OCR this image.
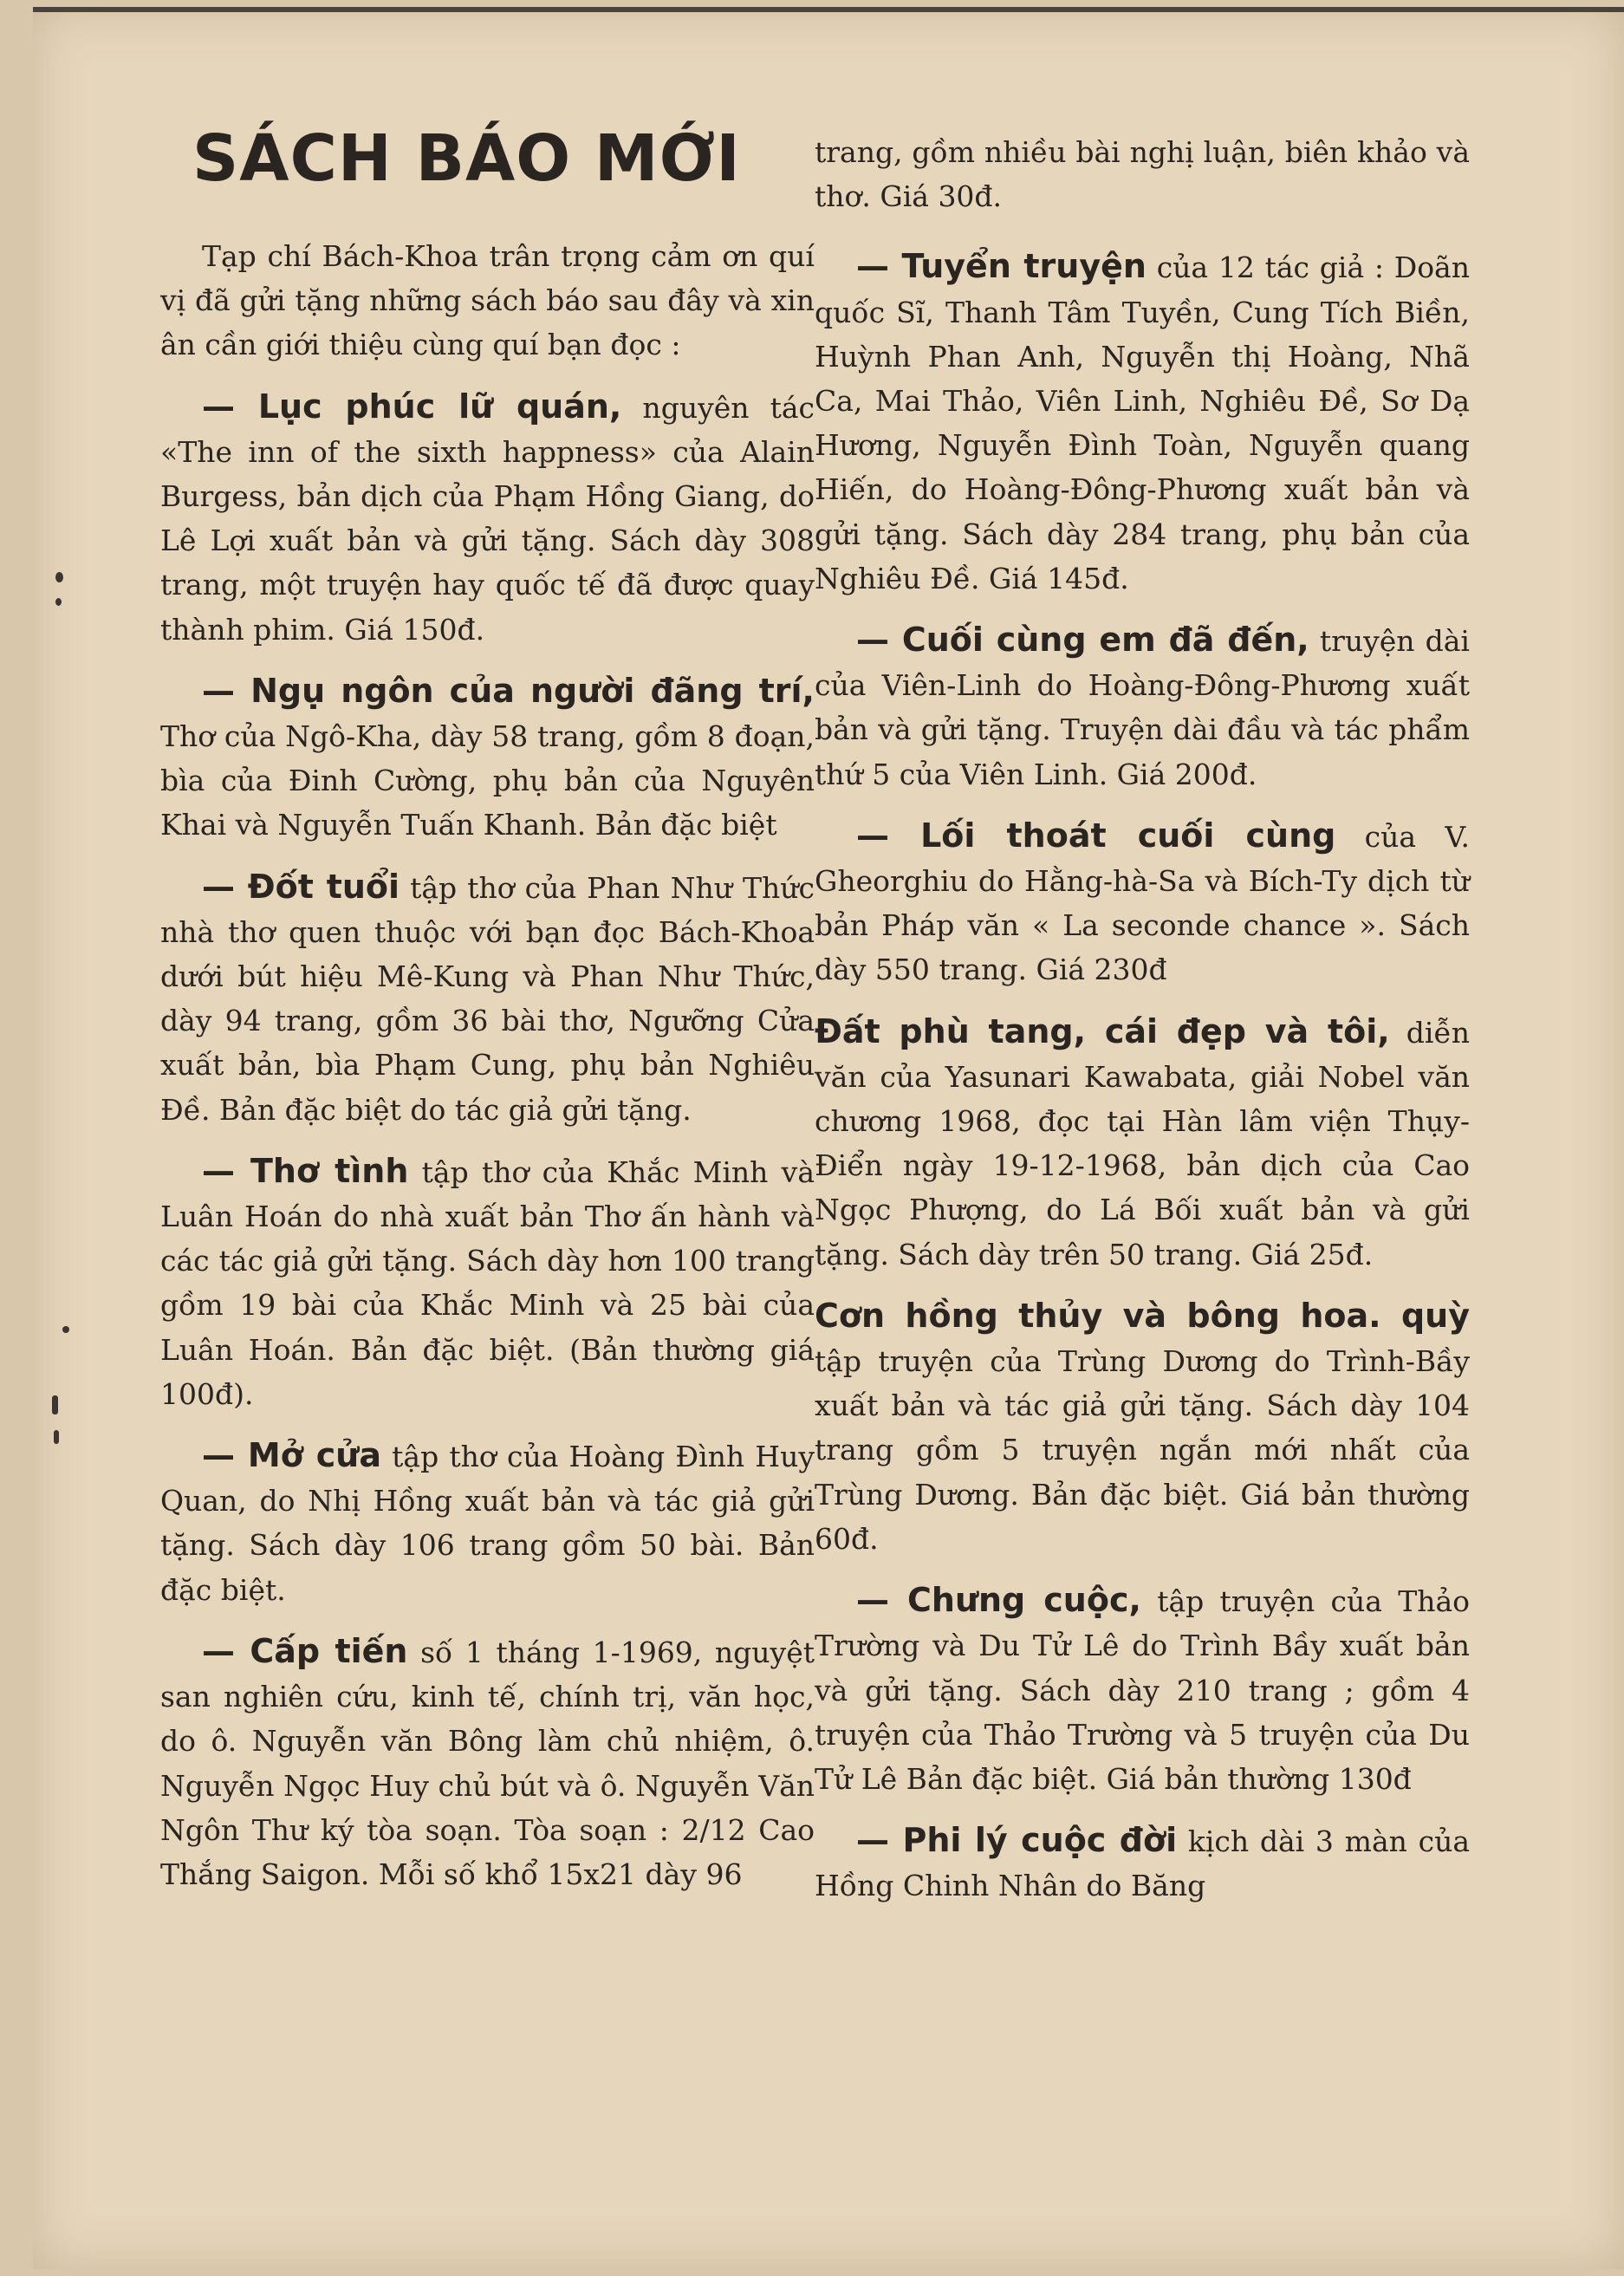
SÁCH BÁO MỚI

Tạp chí Bách-Khoa trân trọng cảm ơn quí vị đã gửi tặng những sách báo sau đây và xin ân cần giới thiệu cùng quí bạn đọc :

— Lục phúc lữ quán, nguyên tác «The inn of the sixth happness» của Alain Burgess, bản dịch của Phạm Hồng Giang, do Lê Lợi xuất bản và gửi tặng. Sách dày 308 trang, một truyện hay quốc tế đã được quay thành phim. Giá 150đ.

— Ngụ ngôn của người đãng trí, Thơ của Ngô-Kha, dày 58 trang, gồm 8 đoạn, bìa của Đinh Cường, phụ bản của Nguyên Khai và Nguyễn Tuấn Khanh. Bản đặc biệt

— Đốt tuổi tập thơ của Phan Như Thức nhà thơ quen thuộc với bạn đọc Bách-Khoa dưới bút hiệu Mê-Kung và Phan Như Thức, dày 94 trang, gồm 36 bài thơ, Ngưỡng Cửa xuất bản, bìa Phạm Cung, phụ bản Nghiêu Đề. Bản đặc biệt do tác giả gửi tặng.

— Thơ tình tập thơ của Khắc Minh và Luân Hoán do nhà xuất bản Thơ ấn hành và các tác giả gửi tặng. Sách dày hơn 100 trang gồm 19 bài của Khắc Minh và 25 bài của Luân Hoán. Bản đặc biệt. (Bản thường giá 100đ).

— Mở cửa tập thơ của Hoàng Đình Huy Quan, do Nhị Hồng xuất bản và tác giả gửi tặng. Sách dày 106 trang gồm 50 bài. Bản đặc biệt.

— Cấp tiến số 1 tháng 1-1969, nguyệt san nghiên cứu, kinh tế, chính trị, văn học, do ô. Nguyễn văn Bông làm chủ nhiệm, ô. Nguyễn Ngọc Huy chủ bút và ô. Nguyễn Văn Ngôn Thư ký tòa soạn. Tòa soạn : 2/12 Cao Thắng Saigon. Mỗi số khổ 15x21 dày 96

trang, gồm nhiều bài nghị luận, biên khảo và thơ. Giá 30đ.

— Tuyển truyện của 12 tác giả : Doãn quốc Sĩ, Thanh Tâm Tuyền, Cung Tích Biền, Huỳnh Phan Anh, Nguyễn thị Hoàng, Nhã Ca, Mai Thảo, Viên Linh, Nghiêu Đề, Sơ Dạ Hương, Nguyễn Đình Toàn, Nguyễn quang Hiến, do Hoàng-Đông-Phương xuất bản và gửi tặng. Sách dày 284 trang, phụ bản của Nghiêu Đề. Giá 145đ.

— Cuối cùng em đã đến, truyện dài của Viên-Linh do Hoàng-Đông-Phương xuất bản và gửi tặng. Truyện dài đầu và tác phẩm thứ 5 của Viên Linh. Giá 200đ.

— Lối thoát cuối cùng của V. Gheorghiu do Hằng-hà-Sa và Bích-Ty dịch từ bản Pháp văn « La seconde chance ». Sách dày 550 trang. Giá 230đ

Đất phù tang, cái đẹp và tôi, diễn văn của Yasunari Kawabata, giải Nobel văn chương 1968, đọc tại Hàn lâm viện Thụy-Điển ngày 19-12-1968, bản dịch của Cao Ngọc Phượng, do Lá Bối xuất bản và gửi tặng. Sách dày trên 50 trang. Giá 25đ.

Cơn hồng thủy và bông hoa. quỳ tập truyện của Trùng Dương do Trình-Bầy xuất bản và tác giả gửi tặng. Sách dày 104 trang gồm 5 truyện ngắn mới nhất của Trùng Dương. Bản đặc biệt. Giá bản thường 60đ.

— Chưng cuộc, tập truyện của Thảo Trường và Du Tử Lê do Trình Bầy xuất bản và gửi tặng. Sách dày 210 trang ; gồm 4 truyện của Thảo Trường và 5 truyện của Du Tử Lê Bản đặc biệt. Giá bản thường 130đ

— Phi lý cuộc đời kịch dài 3 màn của Hồng Chinh Nhân do Băng
